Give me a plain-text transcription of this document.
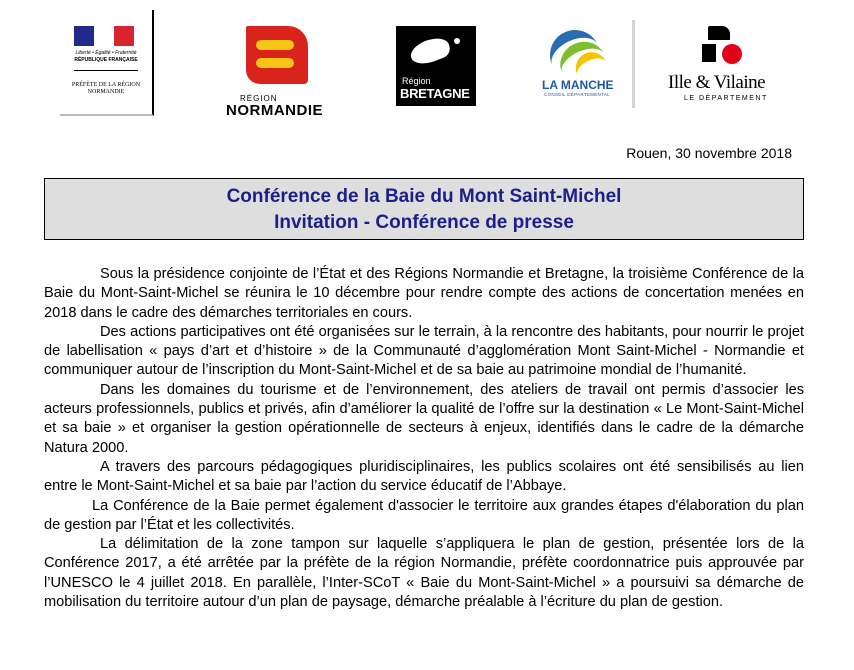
Liberté • Égalité • Fraternité
RÉPUBLIQUE FRANÇAISE
PRÉFÈTE DE LA RÉGION NORMANDIE
RÉGION
NORMANDIE
Région
BRETAGNE
LA MANCHE
CONSEIL DÉPARTEMENTAL
Ille & Vilaine
LE DÉPARTEMENT
Rouen, 30 novembre 2018
Conférence de la Baie du Mont Saint-Michel
Invitation - Conférence de presse

Sous la présidence conjointe de l’État et des Régions Normandie et Bretagne, la troisième Conférence de la Baie du Mont-Saint-Michel se réunira le 10 décembre pour rendre compte des actions de concertation menées en 2018 dans le cadre des démarches territoriales en cours.

Des actions participatives ont été organisées sur le terrain, à la rencontre des habitants, pour nourrir le projet de labellisation « pays d’art et d’histoire » de la Communauté d’agglomération Mont Saint-Michel - Normandie et communiquer autour de l’inscription du Mont-Saint-Michel et de sa baie au patrimoine mondial de l’humanité.

Dans les domaines du tourisme et de l’environnement, des ateliers de travail ont permis d’associer les acteurs professionnels, publics et privés, afin d’améliorer la qualité de l’offre sur la destination « Le Mont-Saint-Michel et sa baie » et organiser la gestion opérationnelle de secteurs à enjeux, identifiés dans le cadre de la démarche Natura 2000.

A travers des parcours pédagogiques pluridisciplinaires, les publics scolaires ont été sensibilisés au lien entre le Mont-Saint-Michel et sa baie par l’action du service éducatif de l’Abbaye.

La Conférence de la Baie permet également d'associer le territoire aux grandes étapes d'élaboration du plan de gestion par l’État et les collectivités.

La délimitation de la zone tampon sur laquelle s’appliquera le plan de gestion, présentée lors de la Conférence 2017, a été arrêtée par la préfète de la région Normandie, préfète coordonnatrice puis approuvée par l’UNESCO le 4 juillet 2018. En parallèle, l’Inter-SCoT « Baie du Mont-Saint-Michel » a poursuivi sa démarche de mobilisation du territoire autour d’un plan de paysage, démarche préalable à l’écriture du plan de gestion.
